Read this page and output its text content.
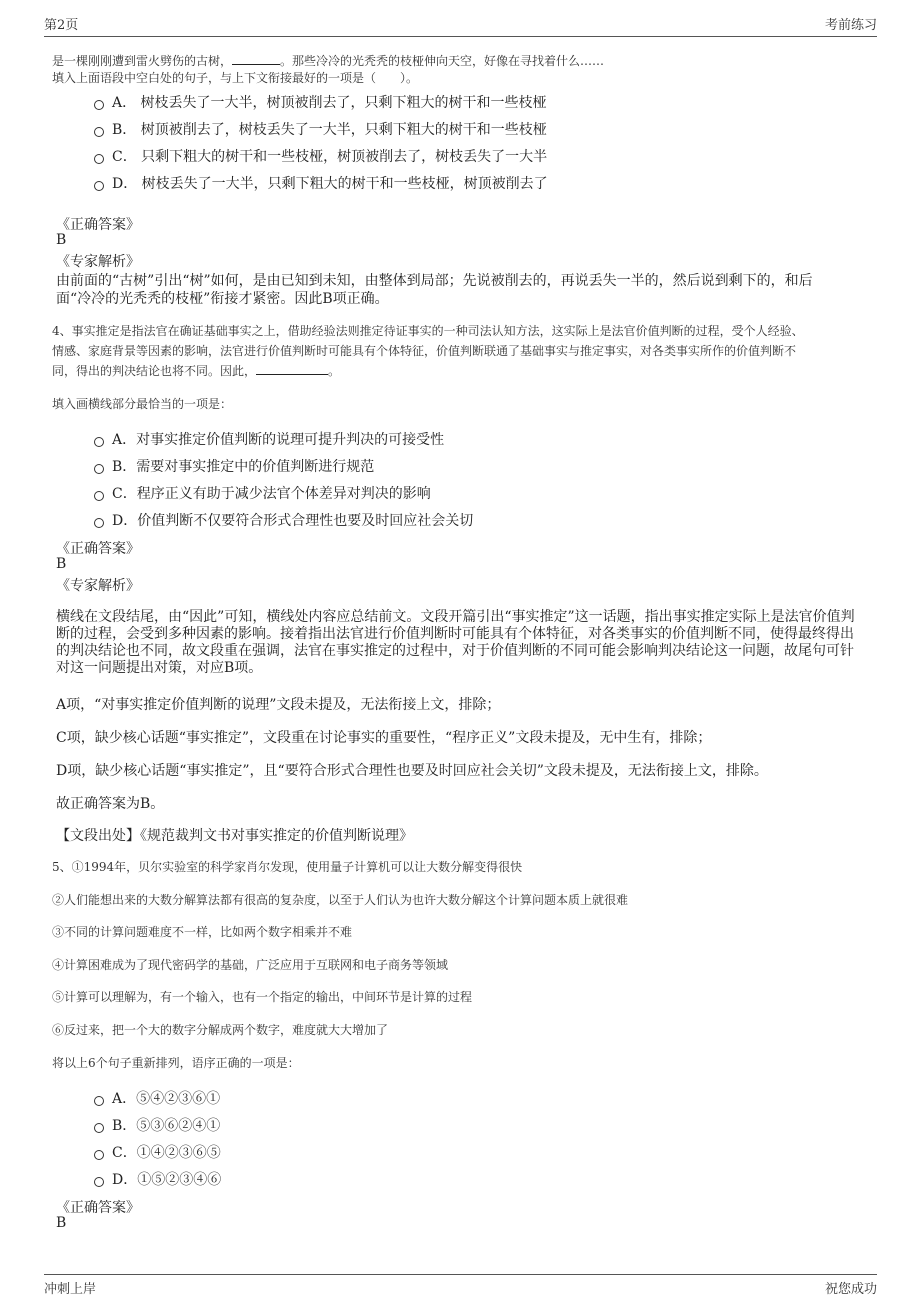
第2页	考前练习
是一棵刚刚遭到雷火劈伤的古树，	。那些冷冷的光秃秃的枝桠伸向天空，好像在寻找着什么……
填入上面语段中空白处的句子，与上下文衔接最好的一项是（　　）。
A． 树枝丢失了一大半，树顶被削去了，只剩下粗大的树干和一些枝桠
B． 树顶被削去了，树枝丢失了一大半，只剩下粗大的树干和一些枝桠
C． 只剩下粗大的树干和一些枝桠，树顶被削去了，树枝丢失了一大半
D． 树枝丢失了一大半，只剩下粗大的树干和一些枝桠，树顶被削去了
《正确答案》
B
《专家解析》
由前面的“古树”引出“树”如何，是由已知到未知，由整体到局部；先说被削去的，再说丢失一半的，然后说到剩下的，和后
面“冷冷的光秃秃的枝桠”衔接才紧密。因此B项正确。
4、事实推定是指法官在确证基础事实之上，借助经验法则推定待证事实的一种司法认知方法，这实际上是法官价值判断的过程，受个人经验、
情感、家庭背景等因素的影响，法官进行价值判断时可能具有个体特征，价值判断联通了基础事实与推定事实，对各类事实所作的价值判断不
同，得出的判决结论也将不同。因此，	。
填入画横线部分最恰当的一项是：
A．对事实推定价值判断的说理可提升判决的可接受性
B．需要对事实推定中的价值判断进行规范
C．程序正义有助于减少法官个体差异对判决的影响
D．价值判断不仅要符合形式合理性也要及时回应社会关切
《正确答案》
B
《专家解析》
横线在文段结尾，由“因此”可知，横线处内容应总结前文。文段开篇引出“事实推定”这一话题，指出事实推定实际上是法官价值判断的过程，会受到多种因素的影响。接着指出法官进行价值判断时可能具有个体特征，对各类事实的价值判断不同，使得最终得出的判决结论也不同，故文段重在强调，法官在事实推定的过程中，对于价值判断的不同可能会影响判决结论这一问题，故尾句可针对这一问题提出对策，对应B项。
A项，“对事实推定价值判断的说理”文段未提及，无法衔接上文，排除；
C项，缺少核心话题“事实推定”，文段重在讨论事实的重要性，“程序正义”文段未提及，无中生有，排除；
D项，缺少核心话题“事实推定”，且“要符合形式合理性也要及时回应社会关切”文段未提及，无法衔接上文，排除。
故正确答案为B。
【文段出处】《规范裁判文书对事实推定的价值判断说理》
5、①1994年，贝尔实验室的科学家肖尔发现，使用量子计算机可以让大数分解变得很快
②人们能想出来的大数分解算法都有很高的复杂度，以至于人们认为也许大数分解这个计算问题本质上就很难
③不同的计算问题难度不一样，比如两个数字相乘并不难
④计算困难成为了现代密码学的基础，广泛应用于互联网和电子商务等领域
⑤计算可以理解为，有一个输入，也有一个指定的输出，中间环节是计算的过程
⑥反过来，把一个大的数字分解成两个数字，难度就大大增加了
将以上6个句子重新排列，语序正确的一项是：
A．⑤④②③⑥①
B．⑤③⑥②④①
C．①④②③⑥⑤
D．①⑤②③④⑥
《正确答案》
B
冲刺上岸	祝您成功
